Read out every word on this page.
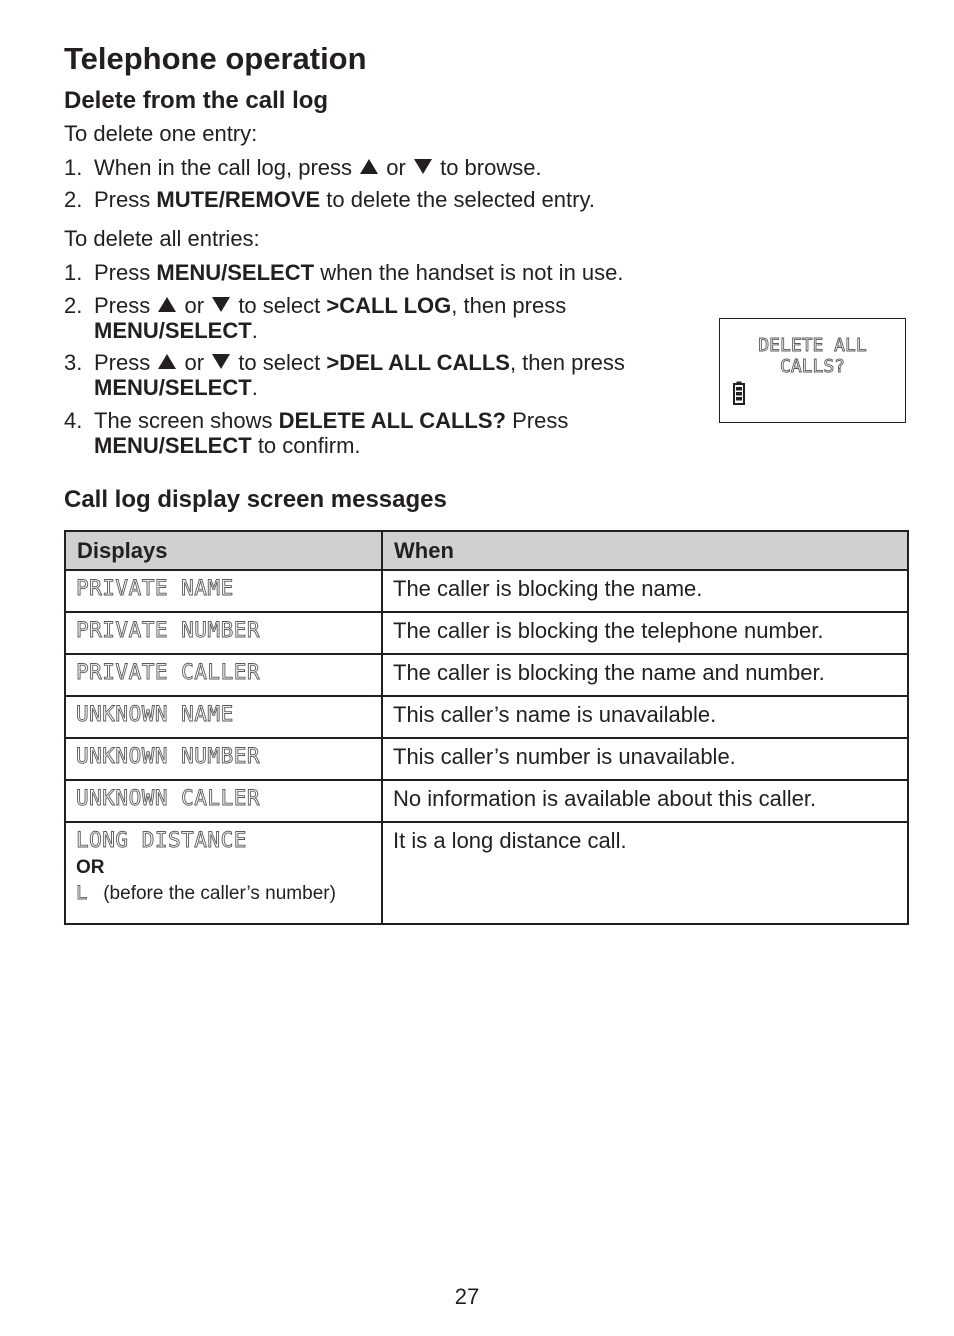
Telephone operation
Delete from the call log
To delete one entry:
1. When in the call log, press or to browse.
2. Press MUTE/REMOVE to delete the selected entry.
To delete all entries:
1. Press MENU/SELECT when the handset is not in use.
2. Press or to select >CALL LOG, then press
MENU/SELECT.
3. Press or to select >DEL ALL CALLS, then press
MENU/SELECT.
4. The screen shows DELETE ALL CALLS? Press
MENU/SELECT to confirm.
DELETE ALL
CALLS?
Call log display screen messages
Displays	When
PRIVATE NAME	The caller is blocking the name.
PRIVATE NUMBER	The caller is blocking the telephone number.
PRIVATE CALLER	The caller is blocking the name and number.
UNKNOWN NAME	This caller’s name is unavailable.
UNKNOWN NUMBER	This caller’s number is unavailable.
UNKNOWN CALLER	No information is available about this caller.

LONG DISTANCE
OR
L (before the caller’s number)	It is a long distance call.
27
